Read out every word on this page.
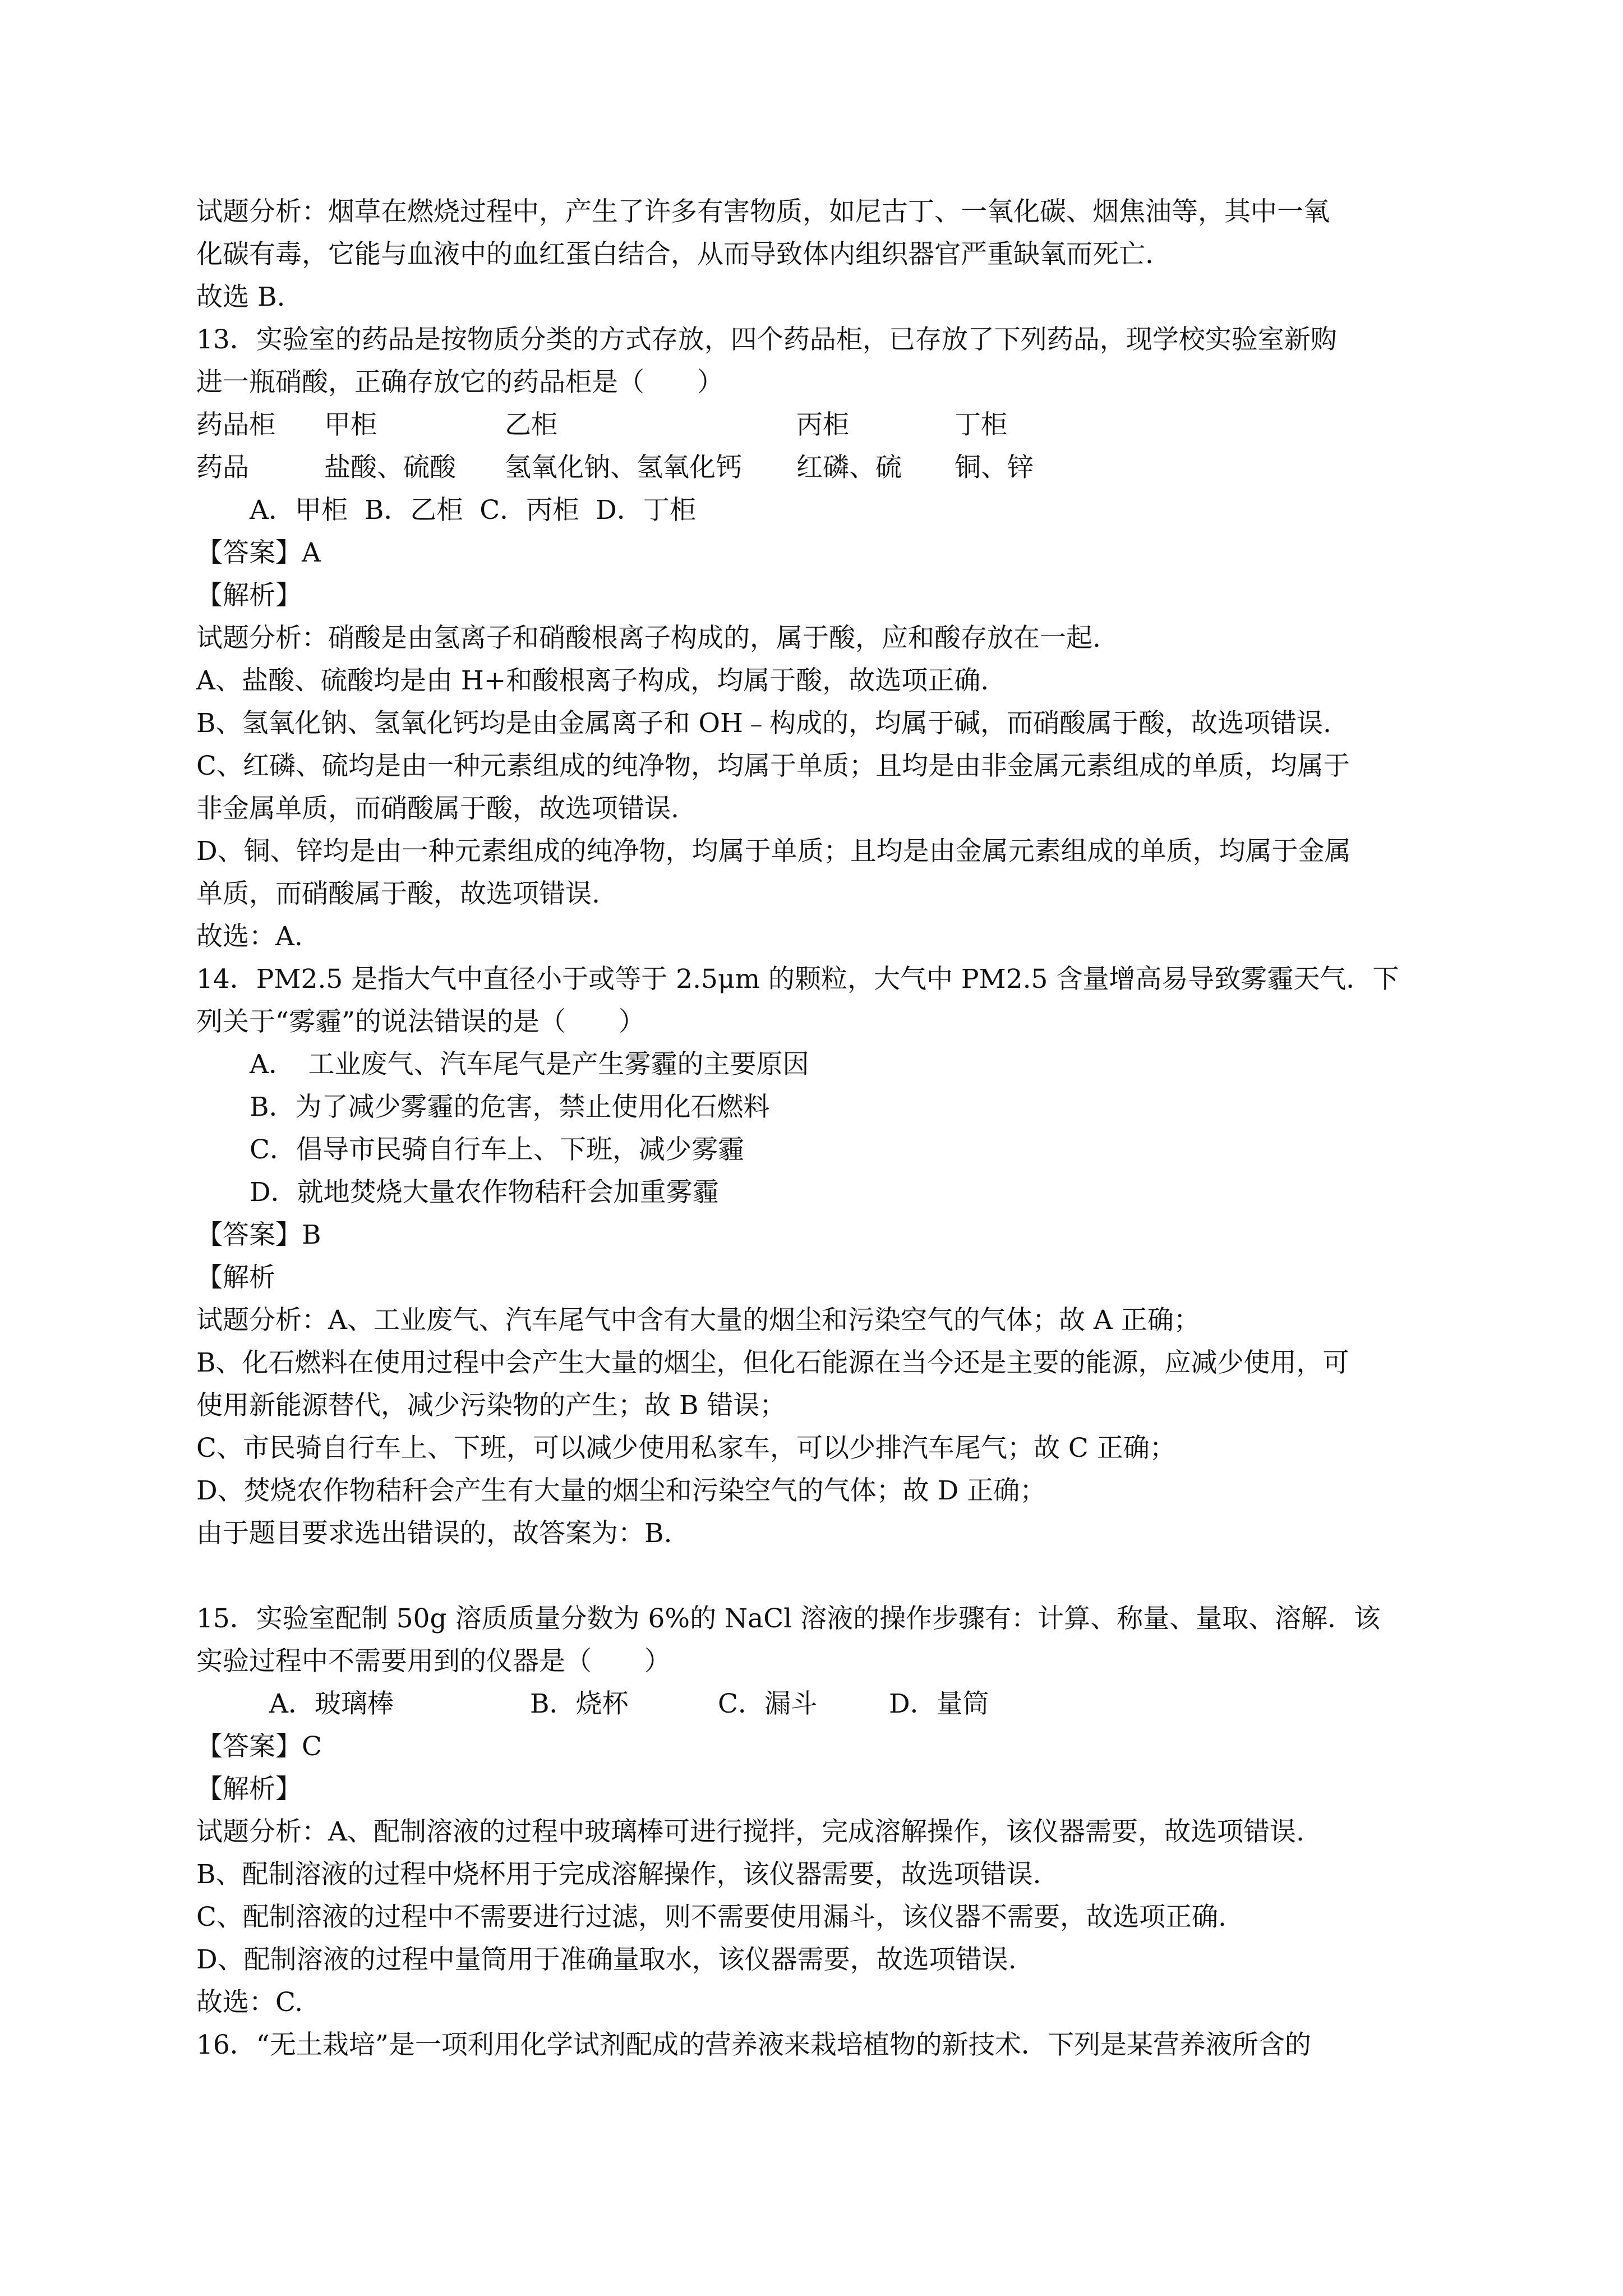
试题分析：烟草在燃烧过程中，产生了许多有害物质，如尼古丁、一氧化碳、烟焦油等，其中一氧
化碳有毒，它能与血液中的血红蛋白结合，从而导致体内组织器官严重缺氧而死亡.
故选 B.
13．实验室的药品是按物质分类的方式存放，四个药品柜，已存放了下列药品，现学校实验室新购
进一瓶硝酸，正确存放它的药品柜是（　　）
药品柜	甲柜	乙柜	丙柜	丁柜
药品	盐酸、硫酸	氢氧化钠、氢氧化钙	红磷、硫	铜、锌
A．甲柜 B．乙柜 C．丙柜 D．丁柜
【答案】A
【解析】
试题分析：硝酸是由氢离子和硝酸根离子构成的，属于酸，应和酸存放在一起.
A、盐酸、硫酸均是由 H+和酸根离子构成，均属于酸，故选项正确.
B、氢氧化钠、氢氧化钙均是由金属离子和 OH﹣构成的，均属于碱，而硝酸属于酸，故选项错误.
C、红磷、硫均是由一种元素组成的纯净物，均属于单质；且均是由非金属元素组成的单质，均属于
非金属单质，而硝酸属于酸，故选项错误.
D、铜、锌均是由一种元素组成的纯净物，均属于单质；且均是由金属元素组成的单质，均属于金属
单质，而硝酸属于酸，故选项错误.
故选：A.
14．PM2.5 是指大气中直径小于或等于 2.5μm 的颗粒，大气中 PM2.5 含量增高易导致雾霾天气．下
列关于“雾霾”的说法错误的是（　　）
A．　工业废气、汽车尾气是产生雾霾的主要原因
B．为了减少雾霾的危害，禁止使用化石燃料
C．倡导市民骑自行车上、下班，减少雾霾
D．就地焚烧大量农作物秸秆会加重雾霾
【答案】B
【解析
试题分析：A、工业废气、汽车尾气中含有大量的烟尘和污染空气的气体；故 A 正确；
B、化石燃料在使用过程中会产生大量的烟尘，但化石能源在当今还是主要的能源，应减少使用，可
使用新能源替代，减少污染物的产生；故 B 错误；
C、市民骑自行车上、下班，可以减少使用私家车，可以少排汽车尾气；故 C 正确；
D、焚烧农作物秸秆会产生有大量的烟尘和污染空气的气体；故 D 正确；
由于题目要求选出错误的，故答案为：B.
15．实验室配制 50g 溶质质量分数为 6%的 NaCl 溶液的操作步骤有：计算、称量、量取、溶解．该
实验过程中不需要用到的仪器是（　　）
A．玻璃棒	B．烧杯	C．漏斗	D．量筒
【答案】C
【解析】
试题分析：A、配制溶液的过程中玻璃棒可进行搅拌，完成溶解操作，该仪器需要，故选项错误.
B、配制溶液的过程中烧杯用于完成溶解操作，该仪器需要，故选项错误.
C、配制溶液的过程中不需要进行过滤，则不需要使用漏斗，该仪器不需要，故选项正确.
D、配制溶液的过程中量筒用于准确量取水，该仪器需要，故选项错误.
故选：C.
16．“无土栽培”是一项利用化学试剂配成的营养液来栽培植物的新技术．下列是某营养液所含的
